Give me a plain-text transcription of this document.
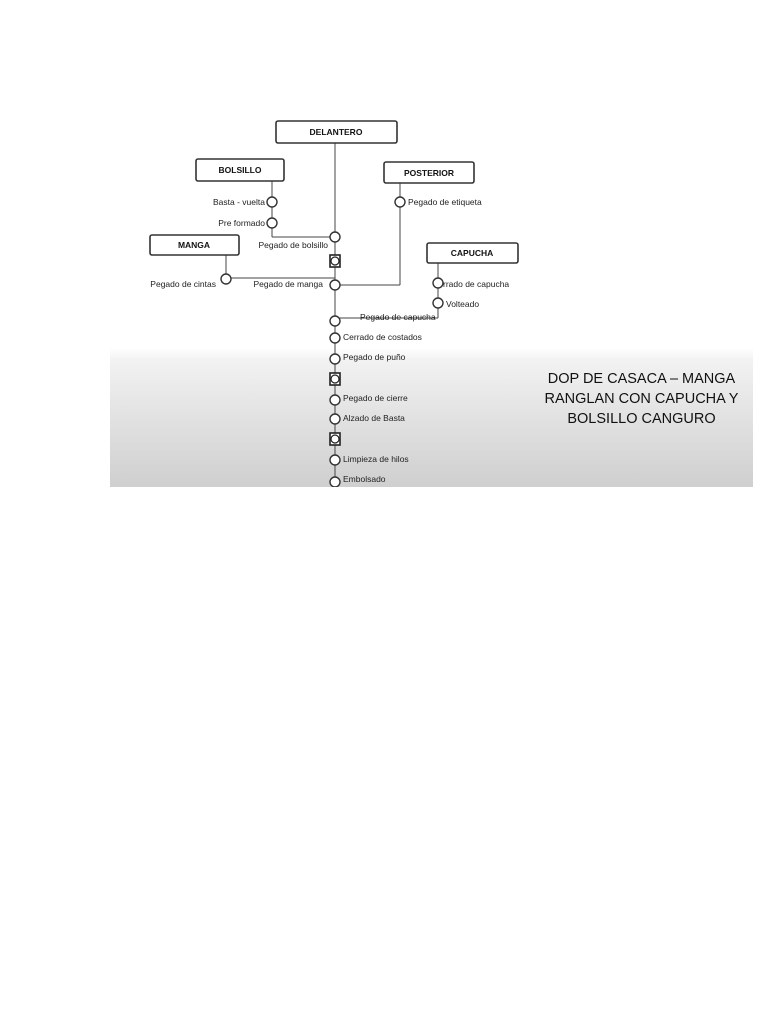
DELANTERO
BOLSILLO	POSTERIOR
MANGA
CAPUCHA
Basta - vuelta
Pre formado
Pegado de etiqueta
Pegado de bolsillo
Pegado de cintas	Pegado de manga	rrado de capucha
Volteado
Pegado de capucha
Cerrado de costados
Pegado de puño
Pegado de cierre
Alzado de Basta
Limpieza de hilos
Embolsado
DOP DE CASACA – MANGA
RANGLAN CON CAPUCHA Y
BOLSILLO CANGURO
